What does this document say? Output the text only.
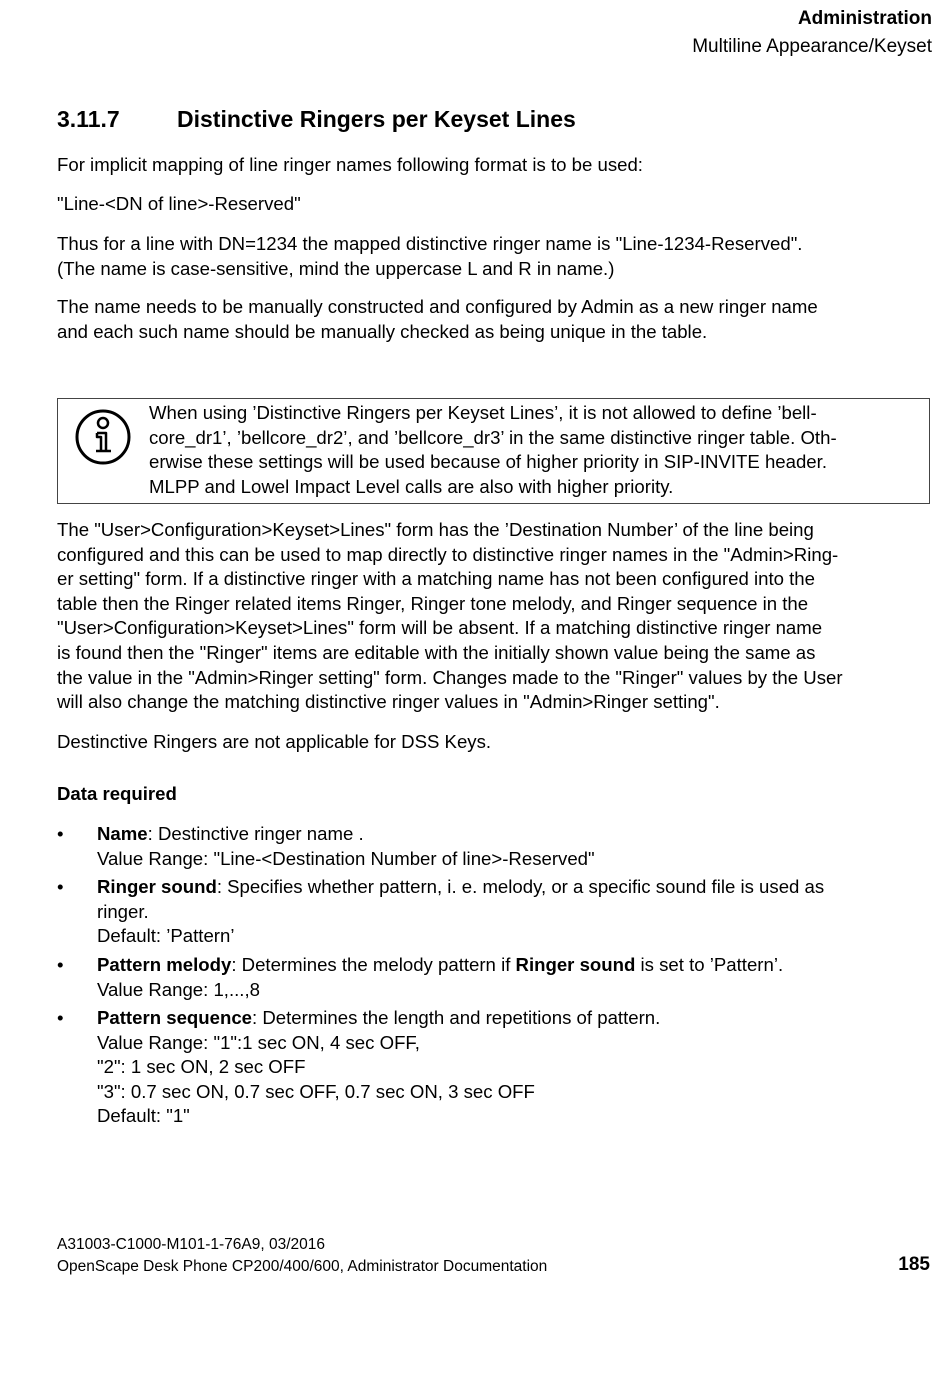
Administration
Multiline Appearance/Keyset
3.11.7 Distinctive Ringers per Keyset Lines

For implicit mapping of line ringer names following format is to be used:

"Line-<DN of line>-Reserved"

Thus for a line with DN=1234 the mapped distinctive ringer name is "Line-1234-Reserved".
(The name is case-sensitive, mind the uppercase L and R in name.)
The name needs to be manually constructed and configured by Admin as a new ringer name
and each such name should be manually checked as being unique in the table.
When using ’Distinctive Ringers per Keyset Lines’, it is not allowed to define ’bell-
core_dr1’, ’bellcore_dr2’, and ’bellcore_dr3’ in the same distinctive ringer table. Oth-
erwise these settings will be used because of higher priority in SIP-INVITE header.
MLPP and Lowel Impact Level calls are also with higher priority.
The "User>Configuration>Keyset>Lines" form has the ’Destination Number’ of the line being
configured and this can be used to map directly to distinctive ringer names in the "Admin>Ring-
er setting" form. If a distinctive ringer with a matching name has not been configured into the
table then the Ringer related items Ringer, Ringer tone melody, and Ringer sequence in the
"User>Configuration>Keyset>Lines" form will be absent. If a matching distinctive ringer name
is found then the "Ringer" items are editable with the initially shown value being the same as
the value in the "Admin>Ringer setting" form. Changes made to the "Ringer" values by the User
will also change the matching distinctive ringer values in "Admin>Ringer setting".

Destinctive Ringers are not applicable for DSS Keys.

Data required
• Name: Destinctive ringer name .
Value Range: "Line-<Destination Number of line>-Reserved"
• Ringer sound: Specifies whether pattern, i. e. melody, or a specific sound file is used as
ringer.
Default: ’Pattern’
• Pattern melody: Determines the melody pattern if Ringer sound is set to ’Pattern’.
Value Range: 1,...,8
• Pattern sequence: Determines the length and repetitions of pattern.
Value Range: "1":1 sec ON, 4 sec OFF,
"2": 1 sec ON, 2 sec OFF
"3": 0.7 sec ON, 0.7 sec OFF, 0.7 sec ON, 3 sec OFF
Default: "1"
A31003-C1000-M101-1-76A9, 03/2016
OpenScape Desk Phone CP200/400/600, Administrator Documentation	185
